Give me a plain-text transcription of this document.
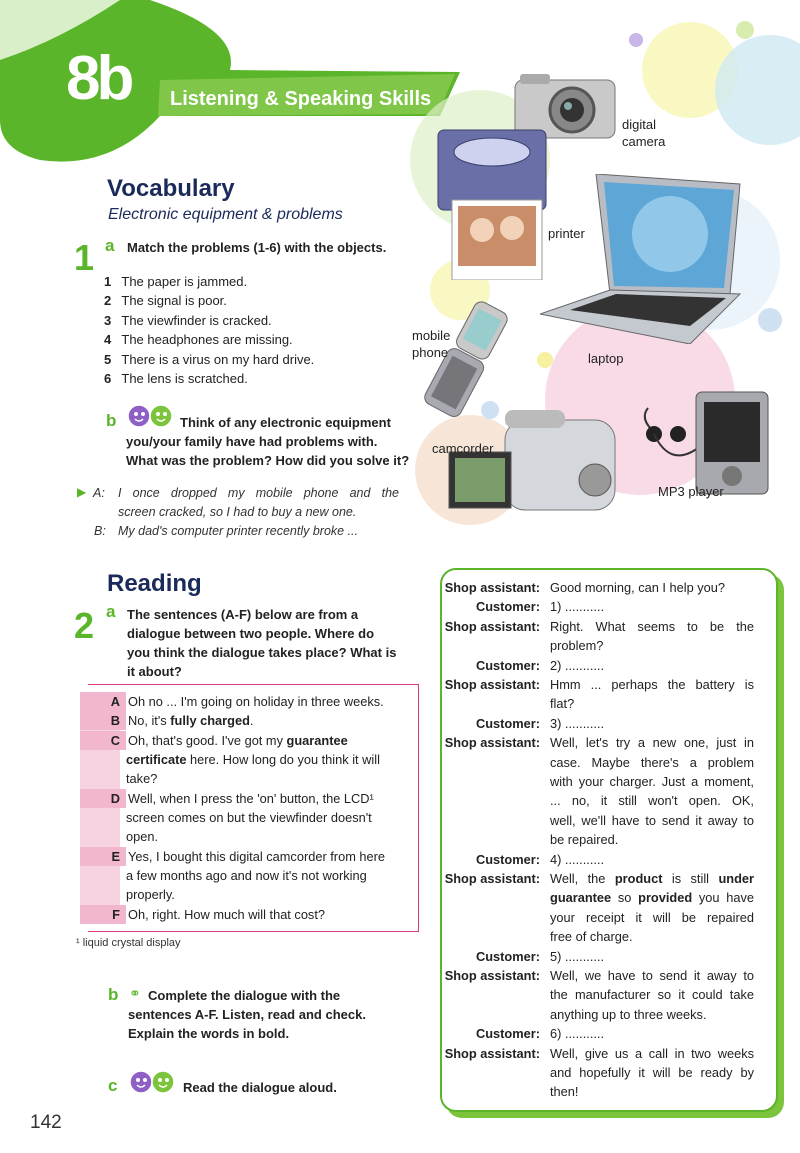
8b Listening & Speaking Skills
digital
camera
printer
laptop
mobile
phone
camcorder
MP3 player
Vocabulary
Electronic equipment & problems
1 a Match the problems (1-6) with the objects.
1 The paper is jammed.
2 The signal is poor.
3 The viewfinder is cracked.
4 The headphones are missing.
5 There is a virus on my hard drive.
6 The lens is scratched.
b	Think of any electronic equipment
you/your family have had problems with.
What was the problem? How did you solve it?
▶ A: I once dropped my mobile phone and the
screen cracked, so I had to buy a new one.
B: My dad's computer printer recently broke ...
Reading
2 a The sentences (A-F) below are from a
dialogue between two people. Where do
you think the dialogue takes place? What is
it about?
A Oh no ... I'm going on holiday in three weeks.
B No, it's fully charged.
C Oh, that's good. I've got my guarantee
certificate here. How long do you think it will
take?
D Well, when I press the 'on' button, the LCD¹
screen comes on but the viewfinder doesn't
open.
E Yes, I bought this digital camcorder from here
a few months ago and now it's not working
properly.
F Oh, right. How much will that cost?
¹ liquid crystal display
b ⚭ Complete the dialogue with the
sentences A-F. Listen, read and check.
Explain the words in bold.
c	Read the dialogue aloud.
Shop assistant: Good morning, can I help you?
Customer: 1) ...........
Shop assistant: Right. What seems to be the
problem?
Customer: 2) ...........
Shop assistant: Hmm ... perhaps the battery is
flat?
Customer: 3) ...........
Shop assistant: Well, let's try a new one, just in
case. Maybe there's a problem
with your charger. Just a moment,
... no, it still won't open. OK,
well, we'll have to send it away to
be repaired.
Customer: 4) ...........
Shop assistant: Well, the product is still under
guarantee so provided you have
your receipt it will be repaired
free of charge.
Customer: 5) ...........
Shop assistant: Well, we have to send it away to
the manufacturer so it could take
anything up to three weeks.
Customer: 6) ...........
Shop assistant: Well, give us a call in two weeks
and hopefully it will be ready by
then!
142
